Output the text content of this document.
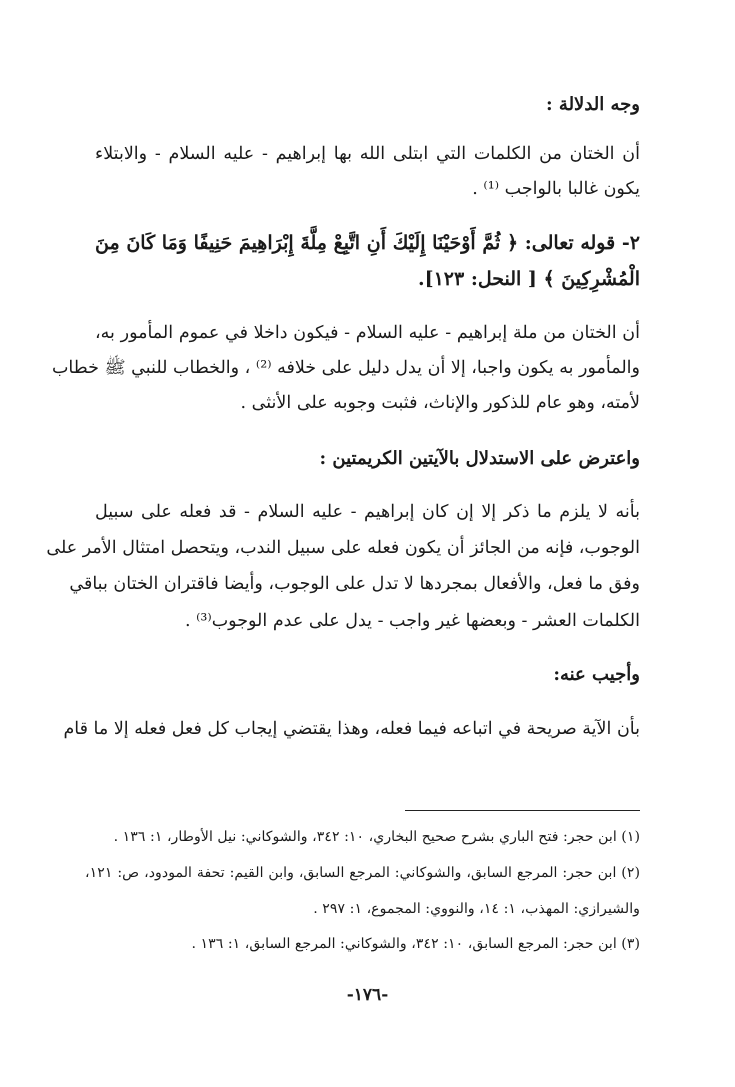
وجه الدلالة :
أن الختان من الكلمات التي ابتلى الله بها إبراهيم - عليه السلام - والابتلاء
يكون غالبا بالواجب ⁽¹⁾ .
٢- قوله تعالى: ﴿ ثُمَّ أَوْحَيْنَا إِلَيْكَ أَنِ اتَّبِعْ مِلَّةَ إِبْرَاهِيمَ حَنِيفًا وَمَا كَانَ مِنَ
الْمُشْرِكِينَ ﴾ [ النحل: ١٢٣].
أن الختان من ملة إبراهيم - عليه السلام - فيكون داخلا في عموم المأمور به،
والمأمور به يكون واجبا، إلا أن يدل دليل على خلافه ⁽²⁾ ، والخطاب للنبي ﷺ خطاب
لأمته، وهو عام للذكور والإناث، فثبت وجوبه على الأنثى .
واعترض على الاستدلال بالآيتين الكريمتين :
بأنه لا يلزم ما ذكر إلا إن كان إبراهيم - عليه السلام - قد فعله على سبيل
الوجوب، فإنه من الجائز أن يكون فعله على سبيل الندب، ويتحصل امتثال الأمر على
وفق ما فعل، والأفعال بمجردها لا تدل على الوجوب، وأيضا فاقتران الختان بباقي
الكلمات العشر - وبعضها غير واجب - يدل على عدم الوجوب⁽³⁾ .
وأجيب عنه:
بأن الآية صريحة في اتباعه فيما فعله، وهذا يقتضي إيجاب كل فعل فعله إلا ما قام
(١) ابن حجر: فتح الباري بشرح صحيح البخاري، ١٠: ٣٤٢، والشوكاني: نيل الأوطار، ١: ١٣٦ .
(٢) ابن حجر: المرجع السابق، والشوكاني: المرجع السابق، وابن القيم: تحفة المودود، ص: ١٢١،
والشيرازي: المهذب، ١: ١٤، والنووي: المجموع، ١: ٢٩٧ .
(٣) ابن حجر: المرجع السابق، ١٠: ٣٤٢، والشوكاني: المرجع السابق، ١: ١٣٦ .
-١٧٦-
